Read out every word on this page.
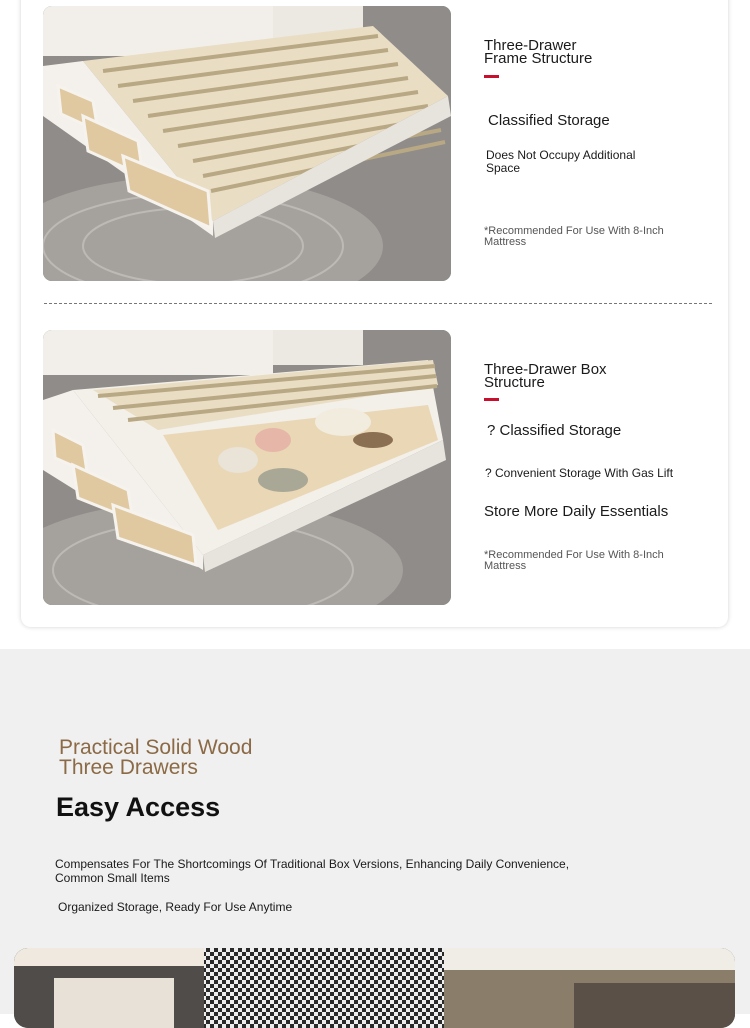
Three-Drawer
Frame Structure
Classified Storage
Does Not Occupy Additional
Space
*Recommended For Use With 8-Inch
Mattress
Three-Drawer Box
Structure
? Classified Storage
? Convenient Storage With Gas Lift
Store More Daily Essentials
*Recommended For Use With 8-Inch
Mattress
Practical Solid Wood
Three Drawers
Easy Access
Compensates For The Shortcomings Of Traditional Box Versions, Enhancing Daily Convenience,
Common Small Items
Organized Storage, Ready For Use Anytime
